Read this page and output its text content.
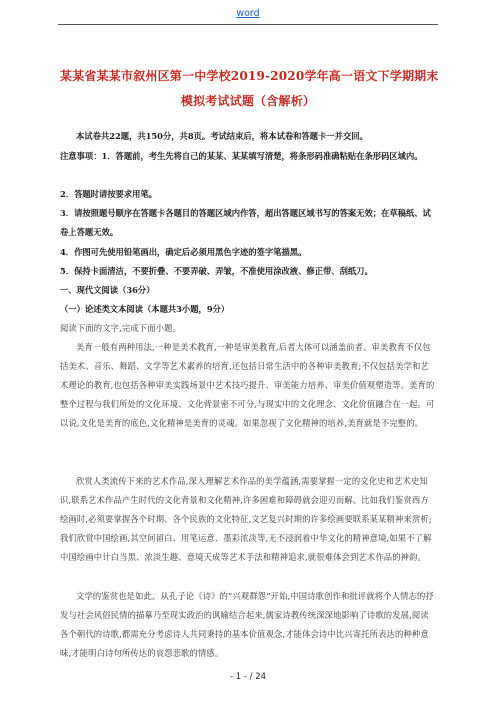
word
某某省某某市叙州区第一中学校2019-2020学年高一语文下学期期末
模拟考试试题（含解析）

本试卷共22题，共150分，共8页。考试结束后，将本试卷和答题卡一并交回。

注意事项：1．答题前，考生先将自己的某某、某某填写清楚，将条形码准确粘贴在条形码区域内。

2．答题时请按要求用笔。

3．请按照题号顺序在答题卡各题目的答题区域内作答，超出答题区域书写的答案无效；在草稿纸、试卷上答题无效。

4．作图可先使用铅笔画出，确定后必须用黑色字迹的签字笔描黑。

5．保持卡面清洁，不要折叠、不要弄破、弄皱，不准使用涂改液、修正带、刮纸刀。

一、现代文阅读（36分）

（一）论述类文本阅读（本题共3小题，9分）

阅读下面的文字,完成下面小题。

美育一般有两种用法,一种是美术教育,一种是审美教育,后者大体可以涵盖前者。审美教育不仅包括美术、音乐、舞蹈、文学等艺术素养的培育,还包括日常生活中的各种审美教育;不仅包括美学和艺术理论的教育,也包括各种审美实践场景中艺术技巧提升、审美能力培养、审美价值观塑造等。美育的整个过程与我们所处的文化环境、文化背景密不可分,与现实中的文化理念、文化价值融合在一起。可以说,文化是美育的底色,文化精神是美育的灵魂。如果忽视了文化精神的培养,美育就是不完整的。

欣赏人类流传下来的艺术作品,深入理解艺术作品的美学蕴涵,需要掌握一定的文化史和艺术史知识,联系艺术作品产生时代的文化背景和文化精神,许多困难和障碍就会迎刃而解。比如我们鉴赏西方绘画时,必须要掌握各个时期、各个民族的文化特征,文艺复兴时期的许多绘画要联系某某精神来赏析;我们欣赏中国绘画,其空间留白、用笔运意、墨彩浓淡等,无不浸润着中华文化的精神意境,如果不了解中国绘画中计白当黑、浓淡生趣、意境天成等艺术手法和精神追求,就很难体会到艺术作品的神韵。

文学的鉴赏也是如此。从孔子论《诗》的“兴观群怨”开始,中国诗歌创作和批评就将个人情志的抒发与社会风俗民情的描摹乃至现实政治的讽喻结合起来,儒家诗教传统深深地影响了诗歌的发展,阅读各个朝代的诗歌,都需充分考虑诗人共同秉持的基本价值观念,才能体会诗中比兴寄托所表达的种种意味,才能明白诗句所传达的哀怨悲歌的情感。

- 1 - / 24
